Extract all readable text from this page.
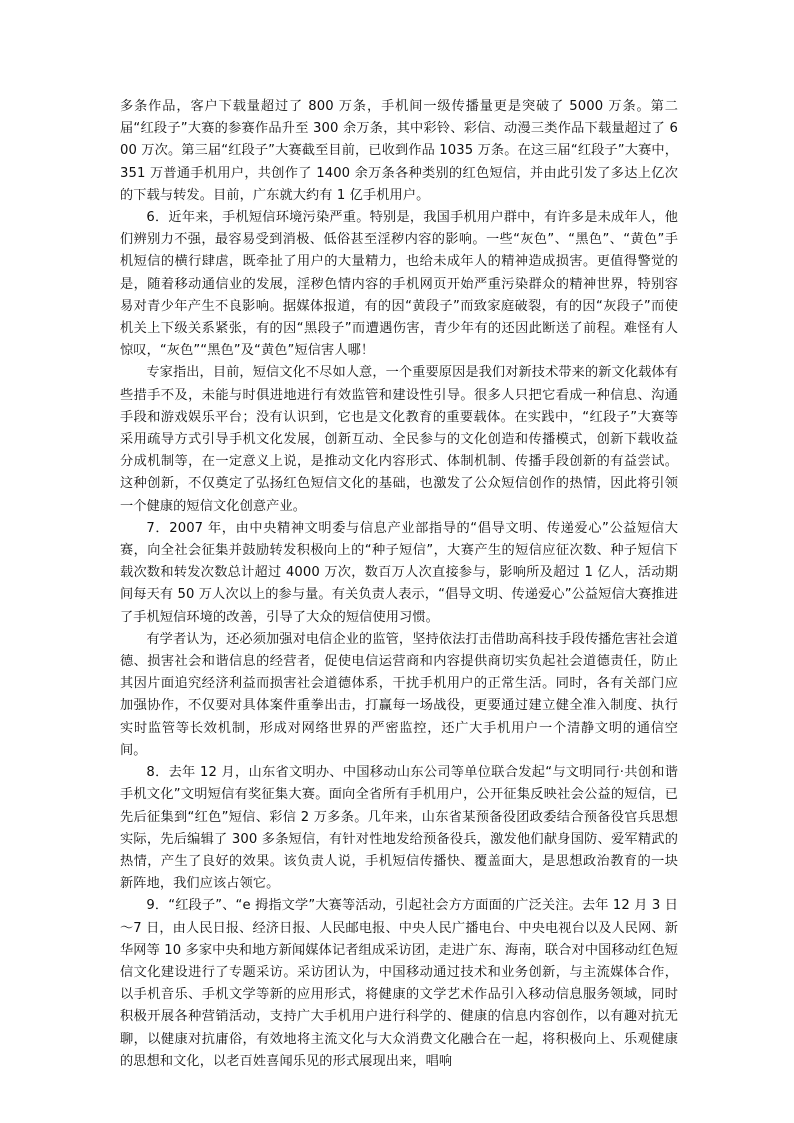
多条作品，客户下载量超过了 800 万条，手机间一级传播量更是突破了 5000 万条。第二届“红段子”大赛的参赛作品升至 300 余万条，其中彩铃、彩信、动漫三类作品下载量超过了 600 万次。第三届“红段子”大赛截至目前，已收到作品 1035 万条。在这三届“红段子”大赛中，351 万普通手机用户，共创作了 1400 余万条各种类别的红色短信，并由此引发了多达上亿次的下载与转发。目前，广东就大约有 1 亿手机用户。

6．近年来，手机短信环境污染严重。特别是，我国手机用户群中，有许多是未成年人，他们辨别力不强，最容易受到消极、低俗甚至淫秽内容的影响。一些“灰色”、“黑色”、“黄色”手机短信的横行肆虐，既牵扯了用户的大量精力，也给未成年人的精神造成损害。更值得警觉的是，随着移动通信业的发展，淫秽色情内容的手机网页开始严重污染群众的精神世界，特别容易对青少年产生不良影响。据媒体报道，有的因“黄段子”而致家庭破裂，有的因“灰段子”而使机关上下级关系紧张，有的因“黑段子”而遭遇伤害，青少年有的还因此断送了前程。难怪有人惊叹，“灰色”“黑色”及“黄色”短信害人哪！

专家指出，目前，短信文化不尽如人意，一个重要原因是我们对新技术带来的新文化载体有些措手不及，未能与时俱进地进行有效监管和建设性引导。很多人只把它看成一种信息、沟通手段和游戏娱乐平台；没有认识到，它也是文化教育的重要载体。在实践中，“红段子”大赛等采用疏导方式引导手机文化发展，创新互动、全民参与的文化创造和传播模式，创新下载收益分成机制等，在一定意义上说，是推动文化内容形式、体制机制、传播手段创新的有益尝试。这种创新，不仅奠定了弘扬红色短信文化的基础，也激发了公众短信创作的热情，因此将引领一个健康的短信文化创意产业。

7．2007 年，由中央精神文明委与信息产业部指导的“倡导文明、传递爱心”公益短信大赛，向全社会征集并鼓励转发积极向上的“种子短信”，大赛产生的短信应征次数、种子短信下载次数和转发次数总计超过 4000 万次，数百万人次直接参与，影响所及超过 1 亿人，活动期间每天有 50 万人次以上的参与量。有关负责人表示，“倡导文明、传递爱心”公益短信大赛推进了手机短信环境的改善，引导了大众的短信使用习惯。

有学者认为，还必须加强对电信企业的监管，坚持依法打击借助高科技手段传播危害社会道德、损害社会和谐信息的经营者，促使电信运营商和内容提供商切实负起社会道德责任，防止其因片面追究经济利益而损害社会道德体系，干扰手机用户的正常生活。同时，各有关部门应加强协作，不仅要对具体案件重拳出击，打赢每一场战役，更要通过建立健全准入制度、执行实时监管等长效机制，形成对网络世界的严密监控，还广大手机用户一个清静文明的通信空间。

8．去年 12 月，山东省文明办、中国移动山东公司等单位联合发起“与文明同行·共创和谐手机文化”文明短信有奖征集大赛。面向全省所有手机用户，公开征集反映社会公益的短信，已先后征集到“红色”短信、彩信 2 万多条。几年来，山东省某预备役团政委结合预备役官兵思想实际，先后编辑了 300 多条短信，有针对性地发给预备役兵，激发他们献身国防、爱军精武的热情，产生了良好的效果。该负责人说，手机短信传播快、覆盖面大，是思想政治教育的一块新阵地，我们应该占领它。

9．“红段子”、“e 拇指文学”大赛等活动，引起社会方方面面的广泛关注。去年 12 月 3 日～7 日，由人民日报、经济日报、人民邮电报、中央人民广播电台、中央电视台以及人民网、新华网等 10 多家中央和地方新闻媒体记者组成采访团，走进广东、海南，联合对中国移动红色短信文化建设进行了专题采访。采访团认为，中国移动通过技术和业务创新，与主流媒体合作，以手机音乐、手机文学等新的应用形式，将健康的文学艺术作品引入移动信息服务领域，同时积极开展各种营销活动，支持广大手机用户进行科学的、健康的信息内容创作，以有趣对抗无聊，以健康对抗庸俗，有效地将主流文化与大众消费文化融合在一起，将积极向上、乐观健康的思想和文化，以老百姓喜闻乐见的形式展现出来，唱响
